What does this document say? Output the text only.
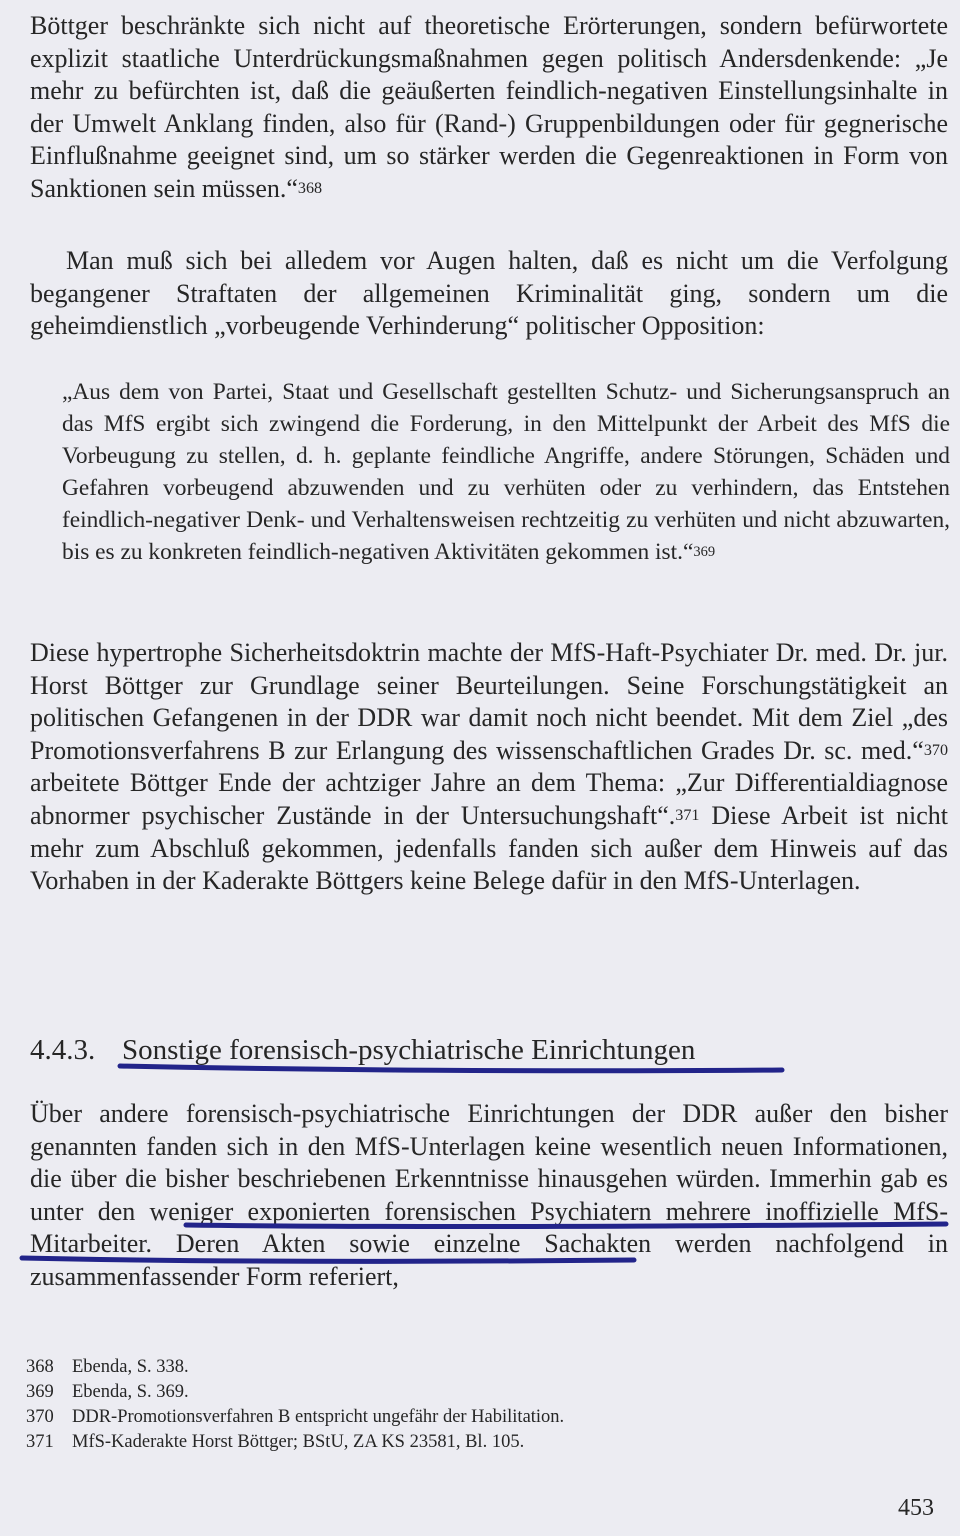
Böttger beschränkte sich nicht auf theoretische Erörterungen, sondern befürwortete explizit staatliche Unterdrückungsmaßnahmen gegen politisch Andersdenkende: „Je mehr zu befürchten ist, daß die geäußerten feindlich-negativen Einstellungsinhalte in der Umwelt Anklang finden, also für (Rand-) Gruppenbildungen oder für gegnerische Einflußnahme geeignet sind, um so stärker werden die Gegenreaktionen in Form von Sanktionen sein müssen.“$^{368}$

Man muß sich bei alledem vor Augen halten, daß es nicht um die Verfolgung begangener Straftaten der allgemeinen Kriminalität ging, sondern um die geheimdienstlich „vorbeugende Verhinderung“ politischer Opposition:

„Aus dem von Partei, Staat und Gesellschaft gestellten Schutz- und Sicherungsanspruch an das MfS ergibt sich zwingend die Forderung, in den Mittelpunkt der Arbeit des MfS die Vorbeugung zu stellen, d. h. geplante feindliche Angriffe, andere Störungen, Schäden und Gefahren vorbeugend abzuwenden und zu verhüten oder zu verhindern, das Entstehen feindlich-negativer Denk- und Verhaltensweisen rechtzeitig zu verhüten und nicht abzuwarten, bis es zu konkreten feindlich-negativen Aktivitäten gekommen ist.“$^{369}$

Diese hypertrophe Sicherheitsdoktrin machte der MfS-Haft-Psychiater Dr. med. Dr. jur. Horst Böttger zur Grundlage seiner Beurteilungen. Seine Forschungstätigkeit an politischen Gefangenen in der DDR war damit noch nicht beendet. Mit dem Ziel „des Promotionsverfahrens B zur Erlangung des wissenschaftlichen Grades Dr. sc. med.“$^{370}$ arbeitete Böttger Ende der achtziger Jahre an dem Thema: „Zur Differentialdiagnose abnormer psychischer Zustände in der Untersuchungshaft“.$^{371}$ Diese Arbeit ist nicht mehr zum Abschluß gekommen, jedenfalls fanden sich außer dem Hinweis auf das Vorhaben in der Kaderakte Böttgers keine Belege dafür in den MfS-Unterlagen.

4.4.3. Sonstige forensisch-psychiatrische Einrichtungen

Über andere forensisch-psychiatrische Einrichtungen der DDR außer den bisher genannten fanden sich in den MfS-Unterlagen keine wesentlich neuen Informationen, die über die bisher beschriebenen Erkenntnisse hinausgehen würden. Immerhin gab es unter den weniger exponierten forensischen Psychiatern mehrere inoffizielle MfS-Mitarbeiter. Deren Akten sowie einzelne Sachakten werden nachfolgend in zusammenfassender Form referiert,

368 Ebenda, S. 338.
369 Ebenda, S. 369.
370 DDR-Promotionsverfahren B entspricht ungefähr der Habilitation.
371 MfS-Kaderakte Horst Böttger; BStU, ZA KS 23581, Bl. 105.
453
